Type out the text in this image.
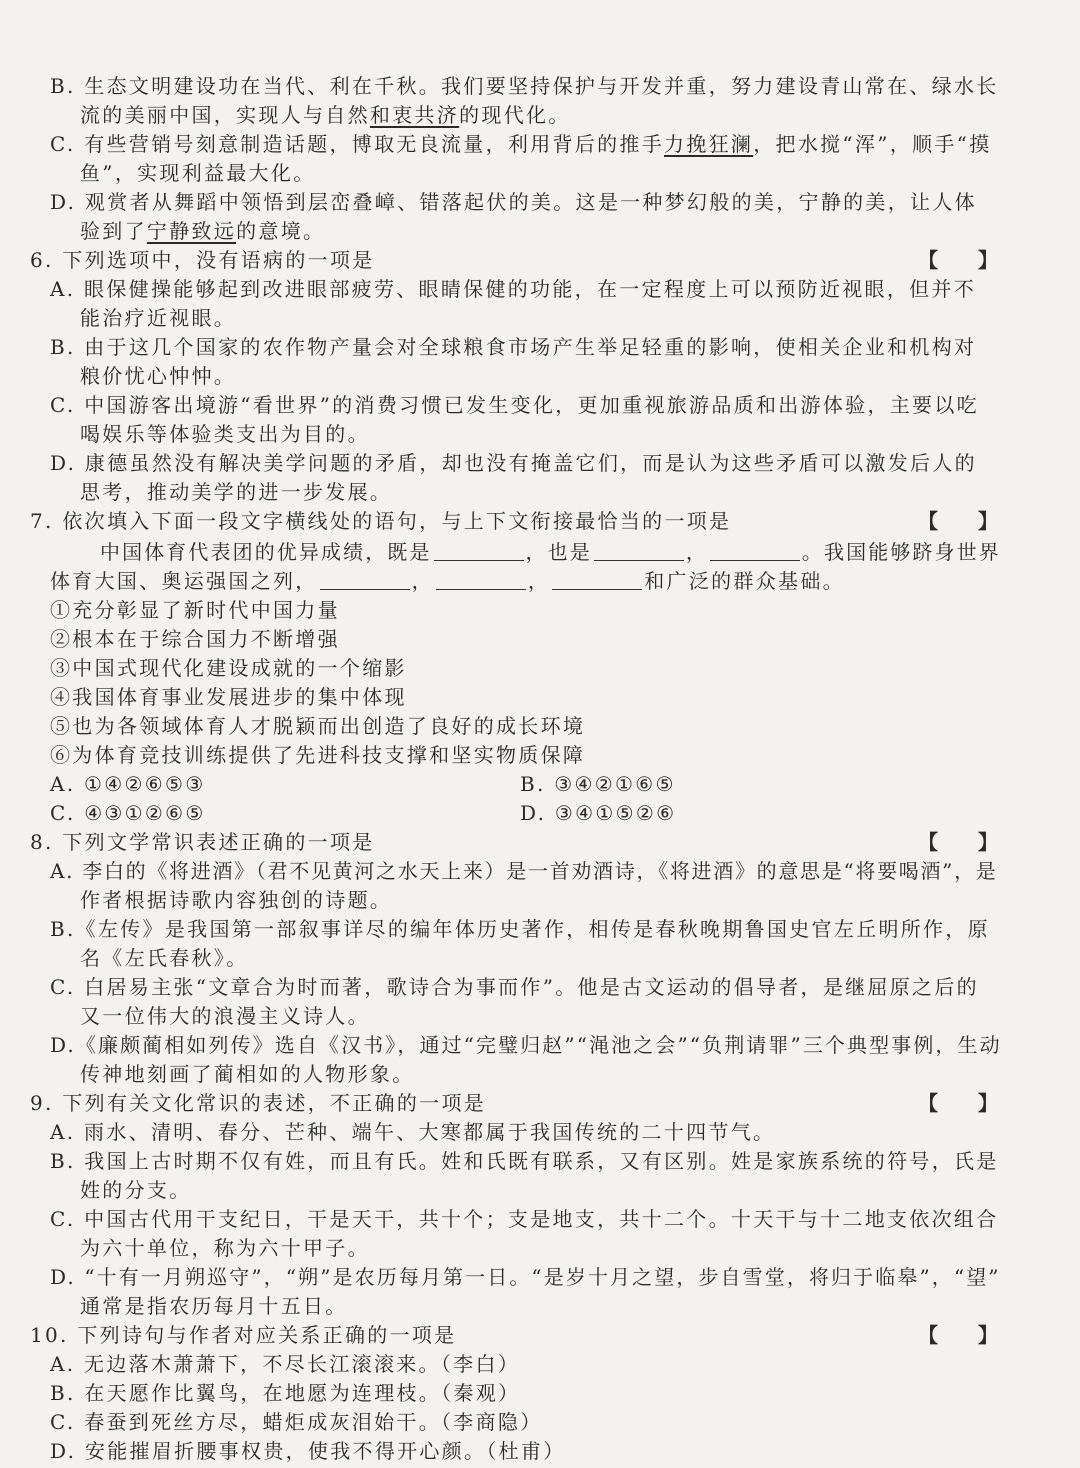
B. 生态文明建设功在当代、利在千秋。我们要坚持保护与开发并重，努力建设青山常在、绿水长
流的美丽中国，实现人与自然和衷共济的现代化。
C. 有些营销号刻意制造话题，博取无良流量，利用背后的推手力挽狂澜，把水搅“浑”，顺手“摸
鱼”，实现利益最大化。
D. 观赏者从舞蹈中领悟到层峦叠嶂、错落起伏的美。这是一种梦幻般的美，宁静的美，让人体
验到了宁静致远的意境。
6. 下列选项中，没有语病的一项是	【　　】
A. 眼保健操能够起到改进眼部疲劳、眼睛保健的功能，在一定程度上可以预防近视眼，但并不
能治疗近视眼。
B. 由于这几个国家的农作物产量会对全球粮食市场产生举足轻重的影响，使相关企业和机构对
粮价忧心忡忡。
C. 中国游客出境游“看世界”的消费习惯已发生变化，更加重视旅游品质和出游体验，主要以吃
喝娱乐等体验类支出为目的。
D. 康德虽然没有解决美学问题的矛盾，却也没有掩盖它们，而是认为这些矛盾可以激发后人的
思考，推动美学的进一步发展。
7. 依次填入下面一段文字横线处的语句，与上下文衔接最恰当的一项是	【　　】
中国体育代表团的优异成绩，既是	，也是	，	。我国能够跻身世界
体育大国、奥运强国之列，	，	，	和广泛的群众基础。
①充分彰显了新时代中国力量
②根本在于综合国力不断增强
③中国式现代化建设成就的一个缩影
④我国体育事业发展进步的集中体现
⑤也为各领域体育人才脱颖而出创造了良好的成长环境
⑥为体育竞技训练提供了先进科技支撑和坚实物质保障
A. ①④②⑥⑤③	B. ③④②①⑥⑤
C. ④③①②⑥⑤	D. ③④①⑤②⑥
8. 下列文学常识表述正确的一项是	【　　】
A. 李白的《将进酒》（君不见黄河之水天上来）是一首劝酒诗，《将进酒》的意思是“将要喝酒”，是
作者根据诗歌内容独创的诗题。
B.《左传》是我国第一部叙事详尽的编年体历史著作，相传是春秋晚期鲁国史官左丘明所作，原
名《左氏春秋》。
C. 白居易主张“文章合为时而著，歌诗合为事而作”。他是古文运动的倡导者，是继屈原之后的
又一位伟大的浪漫主义诗人。
D.《廉颇蔺相如列传》选自《汉书》，通过“完璧归赵”“渑池之会”“负荆请罪”三个典型事例，生动
传神地刻画了蔺相如的人物形象。
9. 下列有关文化常识的表述，不正确的一项是	【　　】
A. 雨水、清明、春分、芒种、端午、大寒都属于我国传统的二十四节气。
B. 我国上古时期不仅有姓，而且有氏。姓和氏既有联系，又有区别。姓是家族系统的符号，氏是
姓的分支。
C. 中国古代用干支纪日，干是天干，共十个；支是地支，共十二个。十天干与十二地支依次组合
为六十单位，称为六十甲子。
D. “十有一月朔巡守”，“朔”是农历每月第一日。“是岁十月之望，步自雪堂，将归于临皋”，“望”
通常是指农历每月十五日。
10. 下列诗句与作者对应关系正确的一项是	【　　】
A. 无边落木萧萧下，不尽长江滚滚来。（李白）
B. 在天愿作比翼鸟，在地愿为连理枝。（秦观）
C. 春蚕到死丝方尽，蜡炬成灰泪始干。（李商隐）
D. 安能摧眉折腰事权贵，使我不得开心颜。（杜甫）
